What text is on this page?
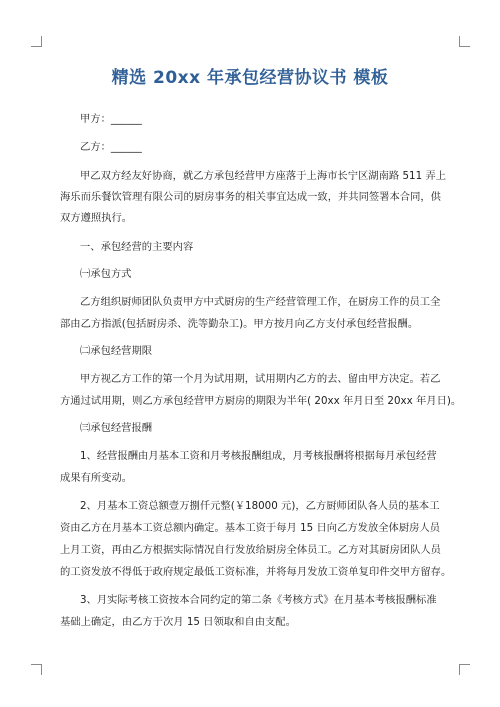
精选 20xx 年承包经营协议书 模板
甲方：______
乙方：______
甲乙双方经友好协商，就乙方承包经营甲方座落于上海市长宁区湖南路 511 弄上
海乐而乐餐饮管理有限公司的厨房事务的相关事宜达成一致，并共同签署本合同，供
双方遵照执行。
一、承包经营的主要内容
㈠承包方式
乙方组织厨师团队负责甲方中式厨房的生产经营管理工作，在厨房工作的员工全
部由乙方指派(包括厨房杀、洗等勤杂工)。甲方按月向乙方支付承包经营报酬。
㈡承包经营期限
甲方视乙方工作的第一个月为试用期，试用期内乙方的去、留由甲方决定。若乙
方通过试用期，则乙方承包经营甲方厨房的期限为半年( 20xx 年月日至 20xx 年月日)。
㈢承包经营报酬
1、经营报酬由月基本工资和月考核报酬组成，月考核报酬将根据每月承包经营
成果有所变动。
2、月基本工资总额壹万捌仟元整(￥18000 元)，乙方厨师团队各人员的基本工
资由乙方在月基本工资总额内确定。基本工资于每月 15 日向乙方发放全体厨房人员
上月工资，再由乙方根据实际情况自行发放给厨房全体员工。乙方对其厨房团队人员
的工资发放不得低于政府规定最低工资标准，并将每月发放工资单复印件交甲方留存。
3、月实际考核工资按本合同约定的第二条《考核方式》在月基本考核报酬标准
基础上确定，由乙方于次月 15 日领取和自由支配。
